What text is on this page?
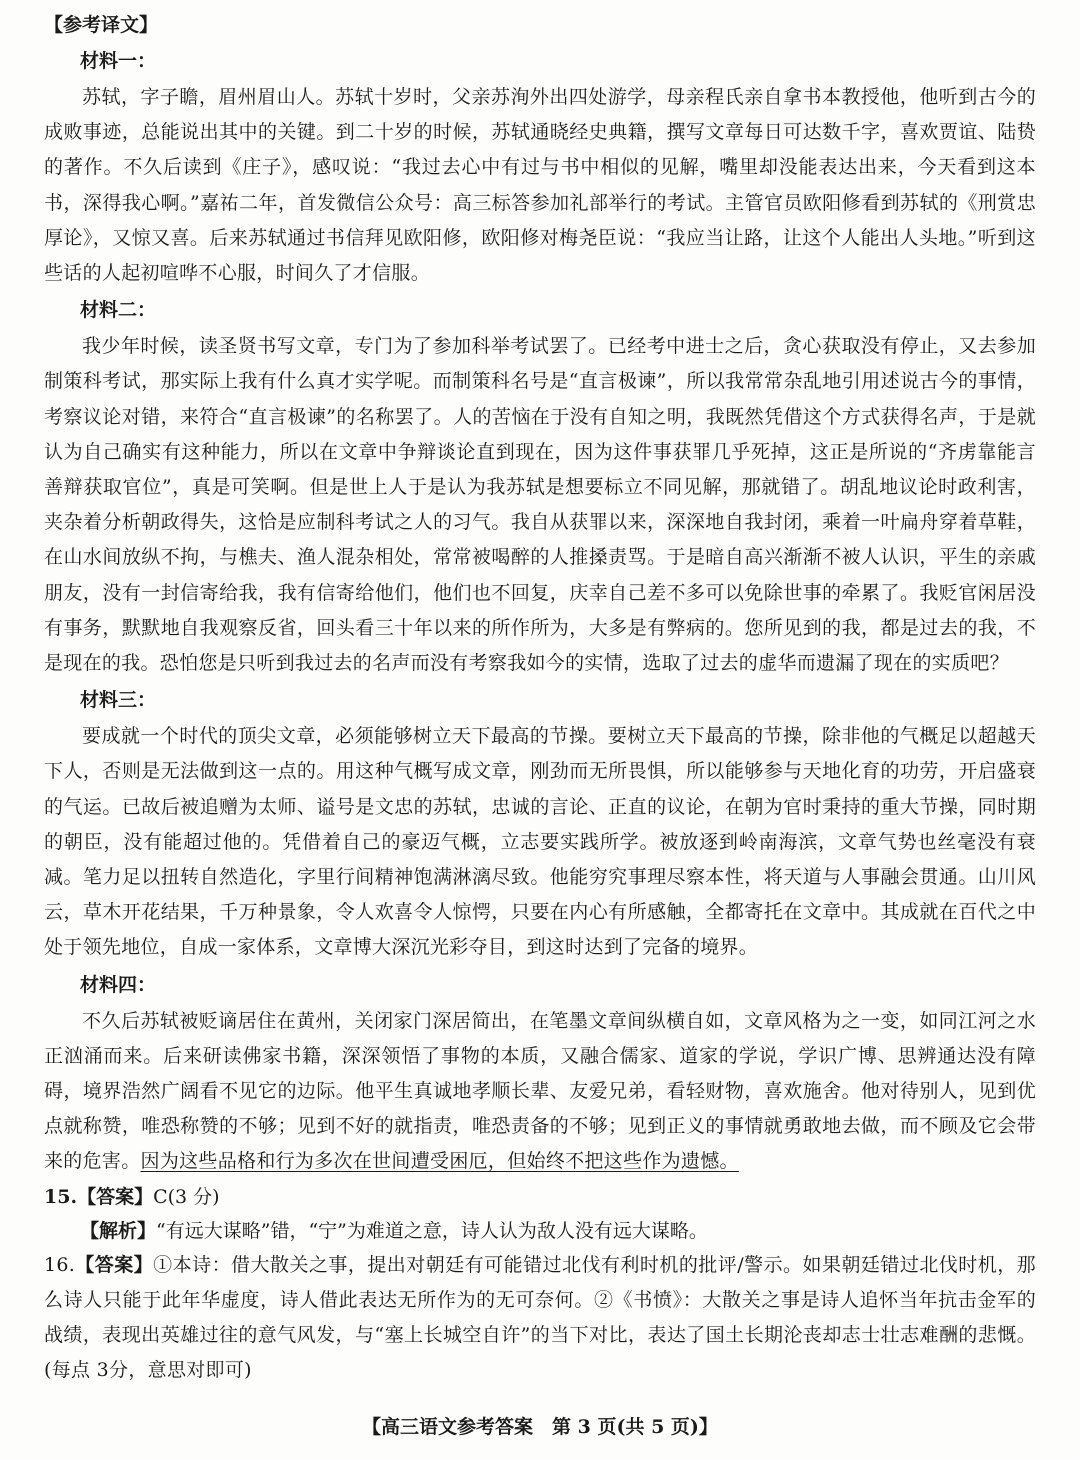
【参考译文】
材料一：

苏轼，字子瞻，眉州眉山人。苏轼十岁时，父亲苏洵外出四处游学，母亲程氏亲自拿书本教授他，他听到古今的成败事迹，总能说出其中的关键。到二十岁的时候，苏轼通晓经史典籍，撰写文章每日可达数千字，喜欢贾谊、陆贽的著作。不久后读到《庄子》，感叹说：“我过去心中有过与书中相似的见解，嘴里却没能表达出来，今天看到这本书，深得我心啊。”嘉祐二年，首发微信公众号：高三标答参加礼部举行的考试。主管官员欧阳修看到苏轼的《刑赏忠厚论》，又惊又喜。后来苏轼通过书信拜见欧阳修，欧阳修对梅尧臣说：“我应当让路，让这个人能出人头地。”听到这些话的人起初喧哗不心服，时间久了才信服。

材料二：

我少年时候，读圣贤书写文章，专门为了参加科举考试罢了。已经考中进士之后，贪心获取没有停止，又去参加制策科考试，那实际上我有什么真才实学呢。而制策科名号是“直言极谏”，所以我常常杂乱地引用述说古今的事情，考察议论对错，来符合“直言极谏”的名称罢了。人的苦恼在于没有自知之明，我既然凭借这个方式获得名声，于是就认为自己确实有这种能力，所以在文章中争辩谈论直到现在，因为这件事获罪几乎死掉，这正是所说的“齐虏靠能言善辩获取官位”，真是可笑啊。但是世上人于是认为我苏轼是想要标立不同见解，那就错了。胡乱地议论时政利害，夹杂着分析朝政得失，这恰是应制科考试之人的习气。我自从获罪以来，深深地自我封闭，乘着一叶扁舟穿着草鞋，在山水间放纵不拘，与樵夫、渔人混杂相处，常常被喝醉的人推搡责骂。于是暗自高兴渐渐不被人认识，平生的亲戚朋友，没有一封信寄给我，我有信寄给他们，他们也不回复，庆幸自己差不多可以免除世事的牵累了。我贬官闲居没有事务，默默地自我观察反省，回头看三十年以来的所作所为，大多是有弊病的。您所见到的我，都是过去的我，不是现在的我。恐怕您是只听到我过去的名声而没有考察我如今的实情，选取了过去的虚华而遗漏了现在的实质吧？

材料三：

要成就一个时代的顶尖文章，必须能够树立天下最高的节操。要树立天下最高的节操，除非他的气概足以超越天下人，否则是无法做到这一点的。用这种气概写成文章，刚劲而无所畏惧，所以能够参与天地化育的功劳，开启盛衰的气运。已故后被追赠为太师、谥号是文忠的苏轼，忠诚的言论、正直的议论，在朝为官时秉持的重大节操，同时期的朝臣，没有能超过他的。凭借着自己的豪迈气概，立志要实践所学。被放逐到岭南海滨，文章气势也丝毫没有衰减。笔力足以扭转自然造化，字里行间精神饱满淋漓尽致。他能穷究事理尽察本性，将天道与人事融会贯通。山川风云，草木开花结果，千万种景象，令人欢喜令人惊愕，只要在内心有所感触，全都寄托在文章中。其成就在百代之中处于领先地位，自成一家体系，文章博大深沉光彩夺目，到这时达到了完备的境界。

材料四：

不久后苏轼被贬谪居住在黄州，关闭家门深居简出，在笔墨文章间纵横自如，文章风格为之一变，如同江河之水正汹涌而来。后来研读佛家书籍，深深领悟了事物的本质，又融合儒家、道家的学说，学识广博、思辨通达没有障碍，境界浩然广阔看不见它的边际。他平生真诚地孝顺长辈、友爱兄弟，看轻财物，喜欢施舍。他对待别人，见到优点就称赞，唯恐称赞的不够；见到不好的就指责，唯恐责备的不够；见到正义的事情就勇敢地去做，而不顾及它会带来的危害。因为这些品格和行为多次在世间遭受困厄，但始终不把这些作为遗憾。

15.【答案】C(3 分)

【解析】“有远大谋略”错，“宁”为难道之意，诗人认为敌人没有远大谋略。

16.【答案】①本诗：借大散关之事，提出对朝廷有可能错过北伐有利时机的批评/警示。如果朝廷错过北伐时机，那么诗人只能于此年华虚度，诗人借此表达无所作为的无可奈何。②《书愤》：大散关之事是诗人追怀当年抗击金军的战绩，表现出英雄过往的意气风发，与“塞上长城空自许”的当下对比，表达了国土长期沦丧却志士壮志难酬的悲慨。(每点 3分，意思对即可)

【高三语文参考答案　第 3 页(共 5 页)】
